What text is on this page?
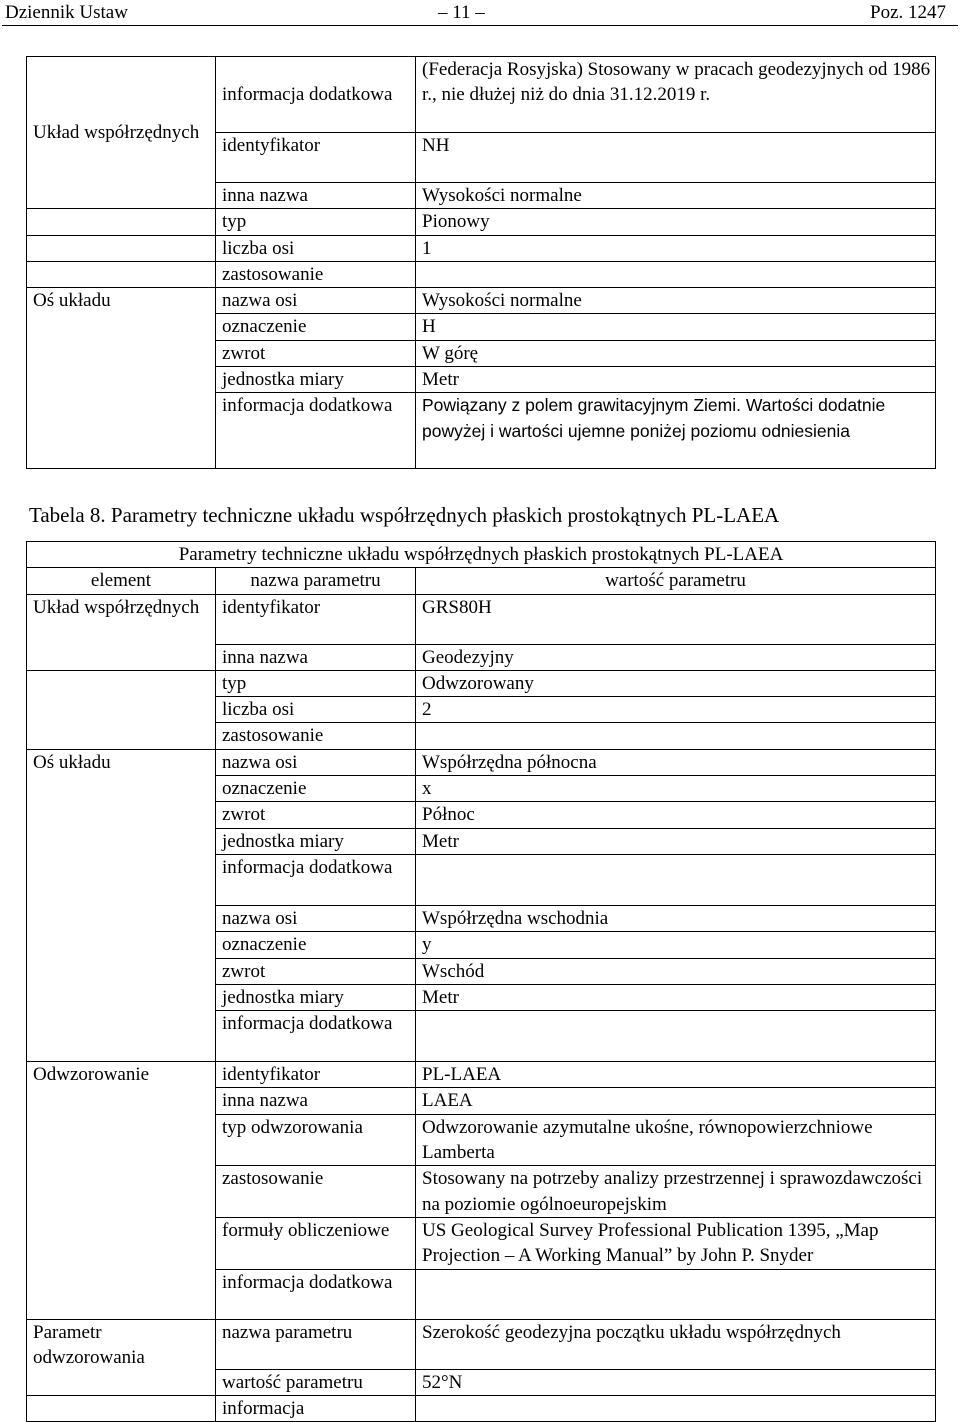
Dziennik Ustaw	– 11 –	Poz. 1247
Układ współrzędnych	informacja dodatkowa	(Federacja Rosyjska) Stosowany w pracach geodezyjnych od 1986 r., nie dłużej niż do dnia 31.12.2019 r.
	identyfikator	NH
	inna nazwa	Wysokości normalne
	typ	Pionowy
	liczba osi	1
	zastosowanie	
Oś układu	nazwa osi	Wysokości normalne
	oznaczenie	H
	zwrot	W górę
	jednostka miary	Metr
	informacja dodatkowa	Powiązany z polem grawitacyjnym Ziemi. Wartości dodatnie powyżej i wartości ujemne poniżej poziomu odniesienia
Tabela 8. Parametry techniczne układu współrzędnych płaskich prostokątnych PL-LAEA
Parametry techniczne układu współrzędnych płaskich prostokątnych PL-LAEA		
element	nazwa parametru	wartość parametru
Układ współrzędnych	identyfikator	GRS80H
	inna nazwa	Geodezyjny
	typ	Odwzorowany
	liczba osi	2
	zastosowanie	
Oś układu	nazwa osi	Współrzędna północna
	oznaczenie	x
	zwrot	Północ
	jednostka miary	Metr
	informacja dodatkowa	
	nazwa osi	Współrzędna wschodnia
	oznaczenie	y
	zwrot	Wschód
	jednostka miary	Metr
	informacja dodatkowa	
Odwzorowanie	identyfikator	PL-LAEA
	inna nazwa	LAEA
	typ odwzorowania	Odwzorowanie azymutalne ukośne, równopowierzchniowe Lamberta
	zastosowanie	Stosowany na potrzeby analizy przestrzennej i sprawozdawczości na poziomie ogólnoeuropejskim
	formuły obliczeniowe	US Geological Survey Professional Publication 1395, „Map Projection – A Working Manual” by John P. Snyder
	informacja dodatkowa	
Parametr odwzorowania	nazwa parametru	Szerokość geodezyjna początku układu współrzędnych
	wartość parametru	52°N
	informacja	
